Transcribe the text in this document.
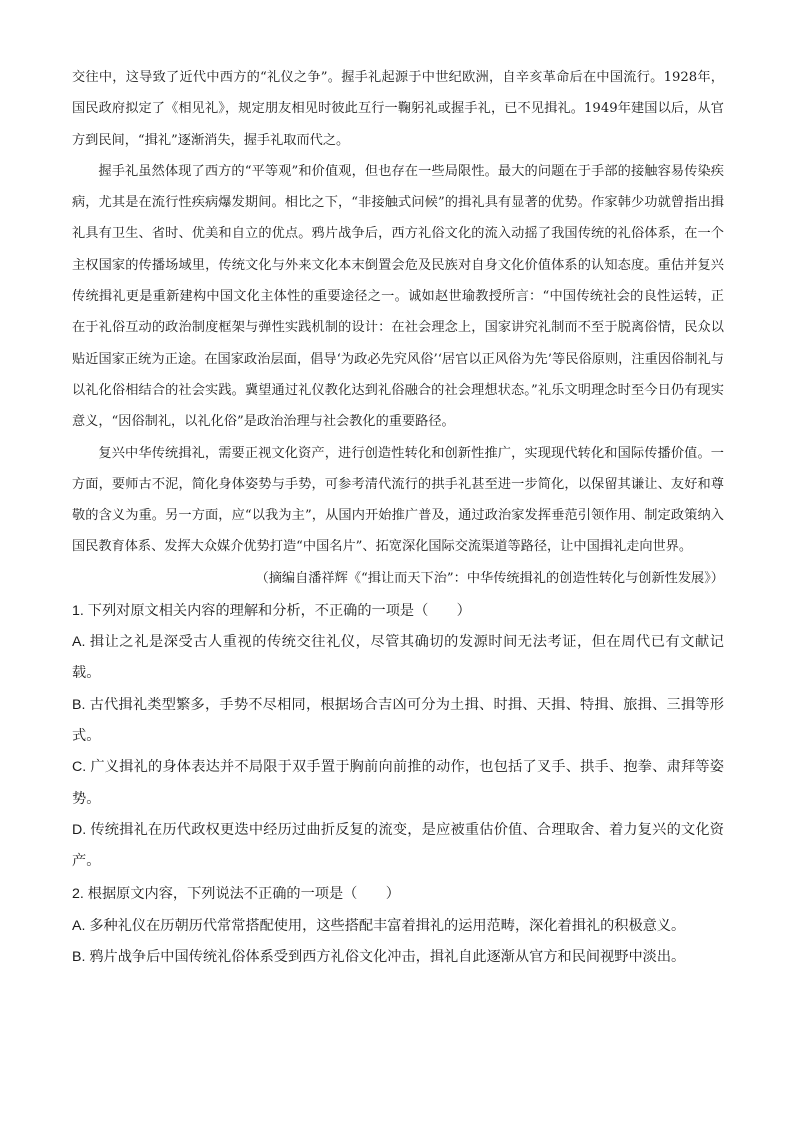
交往中，这导致了近代中西方的“礼仪之争”。握手礼起源于中世纪欧洲，自辛亥革命后在中国流行。1928年，国民政府拟定了《相见礼》，规定朋友相见时彼此互行一鞠躬礼或握手礼，已不见揖礼。1949年建国以后，从官方到民间，“揖礼”逐渐消失，握手礼取而代之。

握手礼虽然体现了西方的“平等观”和价值观，但也存在一些局限性。最大的问题在于手部的接触容易传染疾病，尤其是在流行性疾病爆发期间。相比之下，“非接触式问候”的揖礼具有显著的优势。作家韩少功就曾指出揖礼具有卫生、省时、优美和自立的优点。鸦片战争后，西方礼俗文化的流入动摇了我国传统的礼俗体系，在一个主权国家的传播场域里，传统文化与外来文化本末倒置会危及民族对自身文化价值体系的认知态度。重估并复兴传统揖礼更是重新建构中国文化主体性的重要途径之一。诚如赵世瑜教授所言：“中国传统社会的良性运转，正在于礼俗互动的政治制度框架与弹性实践机制的设计：在社会理念上，国家讲究礼制而不至于脱离俗情，民众以贴近国家正统为正途。在国家政治层面，倡导‘为政必先究风俗’‘居官以正风俗为先’等民俗原则，注重因俗制礼与以礼化俗相结合的社会实践。冀望通过礼仪教化达到礼俗融合的社会理想状态。”礼乐文明理念时至今日仍有现实意义，“因俗制礼，以礼化俗”是政治治理与社会教化的重要路径。

复兴中华传统揖礼，需要正视文化资产，进行创造性转化和创新性推广，实现现代转化和国际传播价值。一方面，要师古不泥，简化身体姿势与手势，可参考清代流行的拱手礼甚至进一步简化，以保留其谦让、友好和尊敬的含义为重。另一方面，应“以我为主”，从国内开始推广普及，通过政治家发挥垂范引领作用、制定政策纳入国民教育体系、发挥大众媒介优势打造“中国名片”、拓宽深化国际交流渠道等路径，让中国揖礼走向世界。

（摘编自潘祥辉《“揖让而天下治”：中华传统揖礼的创造性转化与创新性发展》）

1. 下列对原文相关内容的理解和分析，不正确的一项是（　　）

A. 揖让之礼是深受古人重视的传统交往礼仪，尽管其确切的发源时间无法考证，但在周代已有文献记载。

B. 古代揖礼类型繁多，手势不尽相同，根据场合吉凶可分为土揖、时揖、天揖、特揖、旅揖、三揖等形式。

C. 广义揖礼的身体表达并不局限于双手置于胸前向前推的动作，也包括了叉手、拱手、抱拳、肃拜等姿势。

D. 传统揖礼在历代政权更迭中经历过曲折反复的流变，是应被重估价值、合理取舍、着力复兴的文化资产。

2. 根据原文内容，下列说法不正确的一项是（　　）

A. 多种礼仪在历朝历代常常搭配使用，这些搭配丰富着揖礼的运用范畴，深化着揖礼的积极意义。

B. 鸦片战争后中国传统礼俗体系受到西方礼俗文化冲击，揖礼自此逐渐从官方和民间视野中淡出。
